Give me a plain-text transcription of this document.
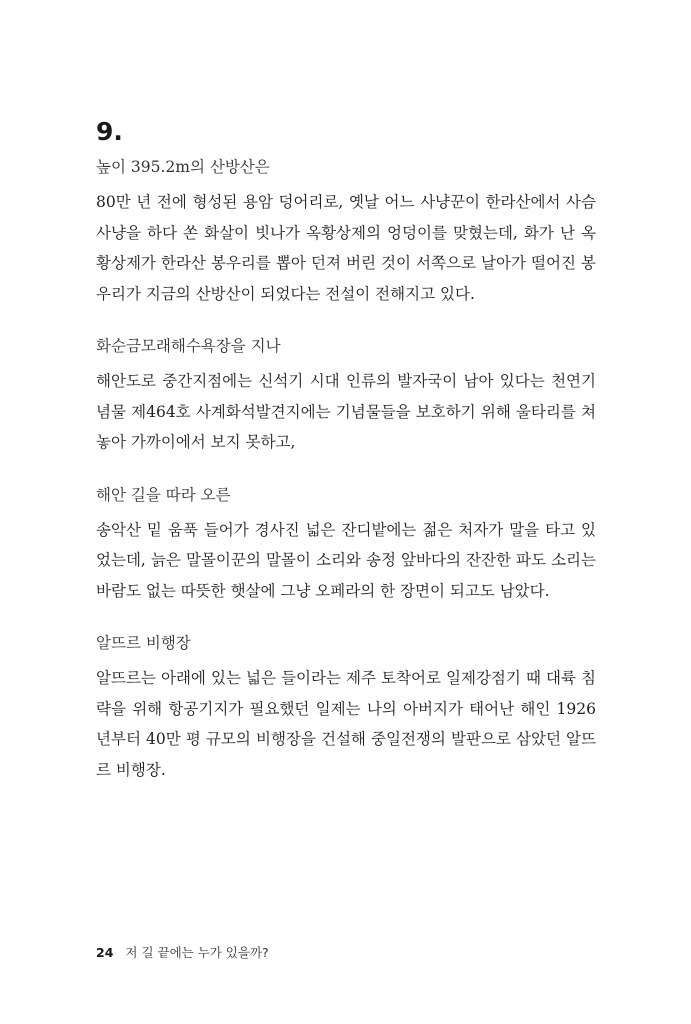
9.

높이 395.2m의 산방산은

80만 년 전에 형성된 용암 덩어리로, 옛날 어느 사냥꾼이 한라산에서 사슴 사냥을 하다 쏜 화살이 빗나가 옥황상제의 엉덩이를 맞혔는데, 화가 난 옥황상제가 한라산 봉우리를 뽑아 던져 버린 것이 서쪽으로 날아가 떨어진 봉우리가 지금의 산방산이 되었다는 전설이 전해지고 있다.

화순금모래해수욕장을 지나

해안도로 중간지점에는 신석기 시대 인류의 발자국이 남아 있다는 천연기념물 제464호 사계화석발견지에는 기념물들을 보호하기 위해 울타리를 쳐 놓아 가까이에서 보지 못하고,

해안 길을 따라 오른

송악산 밑 움푹 들어가 경사진 넓은 잔디밭에는 젊은 처자가 말을 타고 있었는데, 늙은 말몰이꾼의 말몰이 소리와 송정 앞바다의 잔잔한 파도 소리는 바람도 없는 따뜻한 햇살에 그냥 오페라의 한 장면이 되고도 남았다.

알뜨르 비행장

알뜨르는 아래에 있는 넓은 들이라는 제주 토착어로 일제강점기 때 대륙 침략을 위해 항공기지가 필요했던 일제는 나의 아버지가 태어난 해인 1926년부터 40만 평 규모의 비행장을 건설해 중일전쟁의 발판으로 삼았던 알뜨르 비행장.

24 저 길 끝에는 누가 있을까?
